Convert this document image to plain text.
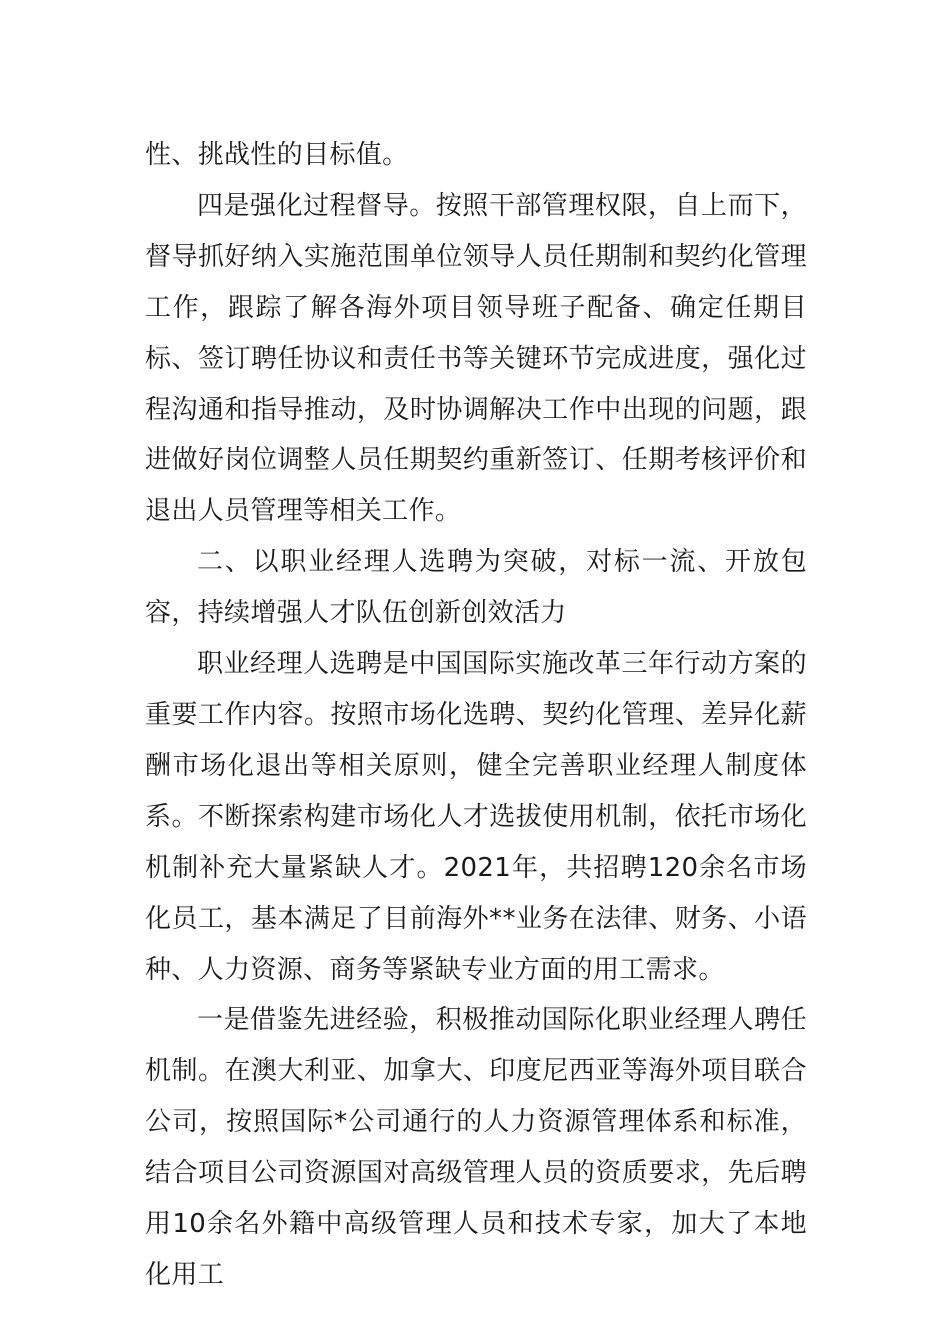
性、挑战性的目标值。

四是强化过程督导。按照干部管理权限，自上而下，督导抓好纳入实施范围单位领导人员任期制和契约化管理工作，跟踪了解各海外项目领导班子配备、确定任期目标、签订聘任协议和责任书等关键环节完成进度，强化过程沟通和指导推动，及时协调解决工作中出现的问题，跟进做好岗位调整人员任期契约重新签订、任期考核评价和退出人员管理等相关工作。

二、以职业经理人选聘为突破，对标一流、开放包容，持续增强人才队伍创新创效活力

职业经理人选聘是中国国际实施改革三年行动方案的重要工作内容。按照市场化选聘、契约化管理、差异化薪酬市场化退出等相关原则，健全完善职业经理人制度体系。不断探索构建市场化人才选拔使用机制，依托市场化机制补充大量紧缺人才。2021年，共招聘120余名市场化员工，基本满足了目前海外**业务在法律、财务、小语种、人力资源、商务等紧缺专业方面的用工需求。

一是借鉴先进经验，积极推动国际化职业经理人聘任机制。在澳大利亚、加拿大、印度尼西亚等海外项目联合公司，按照国际*公司通行的人力资源管理体系和标准，结合项目公司资源国对高级管理人员的资质要求，先后聘用10余名外籍中高级管理人员和技术专家，加大了本地化用工
